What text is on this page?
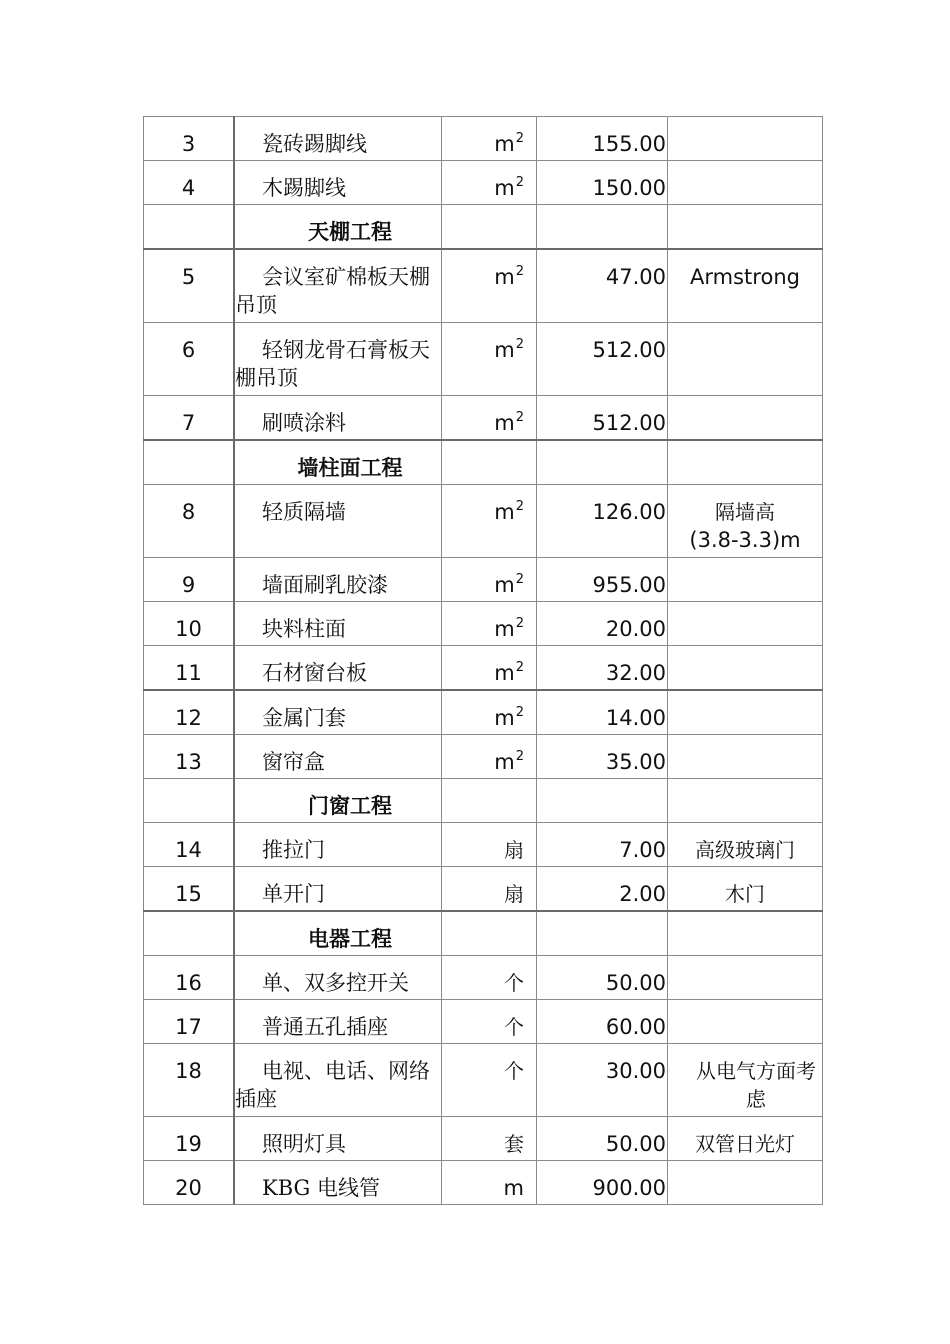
3	瓷砖踢脚线	$m^2$	155.00	
4	木踢脚线	$m^2$	150.00	

	天棚工程			

5	会议室矿棉板天棚吊顶	$m^2$	47.00	Armstrong
6	轻钢龙骨石膏板天棚吊顶	$m^2$	512.00	
7	刷喷涂料	$m^2$	512.00	

	墙柱面工程			

8	轻质隔墙	$m^2$	126.00	隔墙高
(3.8-3.3)m

9	墙面刷乳胶漆	$m^2$	955.00	
10	块料柱面	$m^2$	20.00	
11	石材窗台板	$m^2$	32.00	
12	金属门套	$m^2$	14.00	
13	窗帘盒	$m^2$	35.00	

	门窗工程			

14	推拉门	扇	7.00	高级玻璃门
15	单开门	扇	2.00	木门

	电器工程			

16	单、双多控开关	个	50.00	
17	普通五孔插座	个	60.00	
18	电视、电话、网络插座	个	30.00	从电气方面考虑
19	照明灯具	套	50.00	双管日光灯
20	KBG 电线管	m	900.00	
